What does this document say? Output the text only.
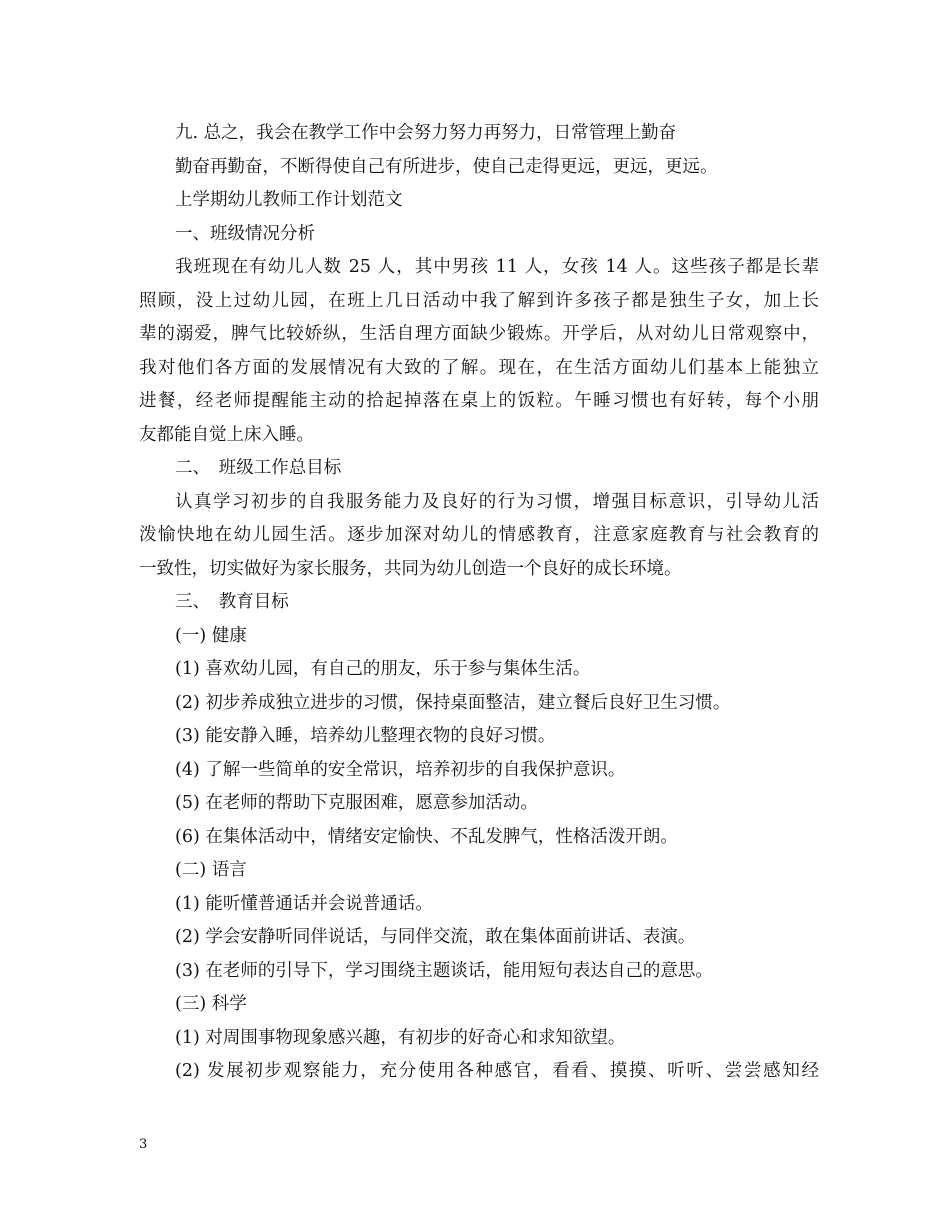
九. 总之，我会在教学工作中会努力努力再努力，日常管理上勤奋
勤奋再勤奋，不断得使自己有所进步，使自己走得更远，更远，更远。
上学期幼儿教师工作计划范文
一、班级情况分析
我班现在有幼儿人数 25 人，其中男孩 11 人，女孩 14 人。这些孩子都是长辈
照顾，没上过幼儿园，在班上几日活动中我了解到许多孩子都是独生子女，加上长
辈的溺爱，脾气比较娇纵，生活自理方面缺少锻炼。开学后，从对幼儿日常观察中，
我对他们各方面的发展情况有大致的了解。现在，在生活方面幼儿们基本上能独立
进餐，经老师提醒能主动的拾起掉落在桌上的饭粒。午睡习惯也有好转，每个小朋
友都能自觉上床入睡。
二、　班级工作总目标
认真学习初步的自我服务能力及良好的行为习惯，增强目标意识，引导幼儿活
泼愉快地在幼儿园生活。逐步加深对幼儿的情感教育，注意家庭教育与社会教育的
一致性，切实做好为家长服务，共同为幼儿创造一个良好的成长环境。
三、　教育目标
(一) 健康
(1) 喜欢幼儿园，有自己的朋友，乐于参与集体生活。
(2) 初步养成独立进步的习惯，保持桌面整洁，建立餐后良好卫生习惯。
(3) 能安静入睡，培养幼儿整理衣物的良好习惯。
(4) 了解一些简单的安全常识，培养初步的自我保护意识。
(5) 在老师的帮助下克服困难，愿意参加活动。
(6) 在集体活动中，情绪安定愉快、不乱发脾气，性格活泼开朗。
(二) 语言
(1) 能听懂普通话并会说普通话。
(2) 学会安静听同伴说话，与同伴交流，敢在集体面前讲话、表演。
(3) 在老师的引导下，学习围绕主题谈话，能用短句表达自己的意思。
(三) 科学
(1) 对周围事物现象感兴趣，有初步的好奇心和求知欲望。
(2) 发展初步观察能力，充分使用各种感官，看看、摸摸、听听、尝尝感知经
3
